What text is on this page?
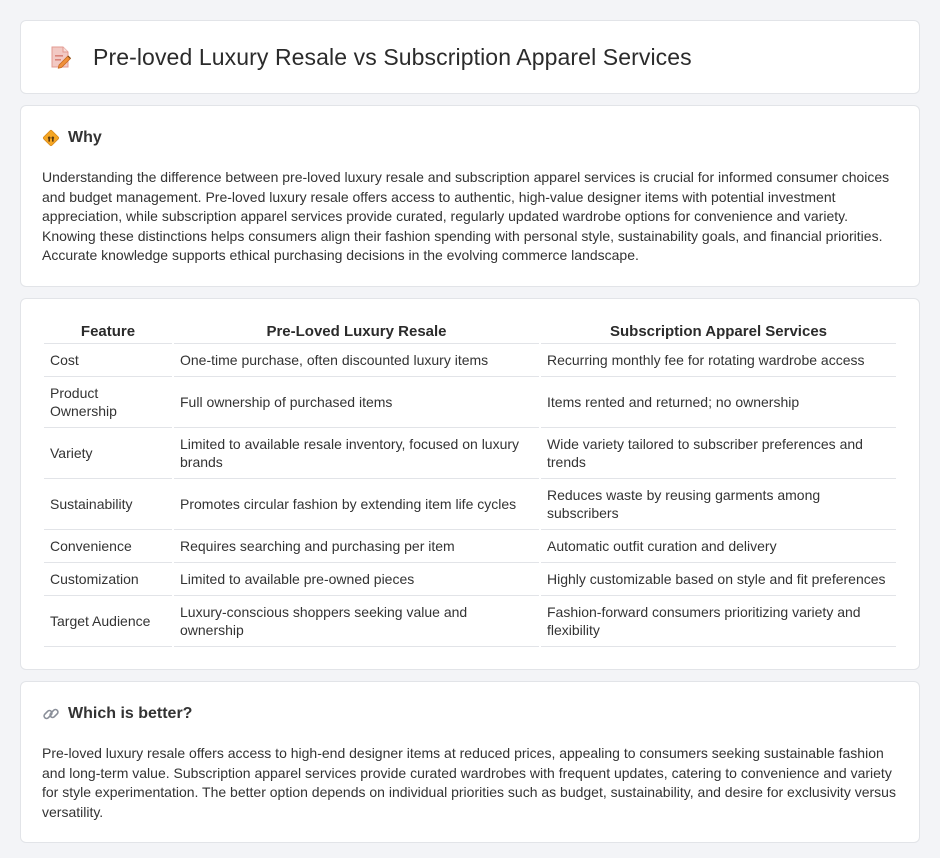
Pre-loved Luxury Resale vs Subscription Apparel Services
Why

Understanding the difference between pre-loved luxury resale and subscription apparel services is crucial for informed consumer choices and budget management. Pre-loved luxury resale offers access to authentic, high-value designer items with potential investment appreciation, while subscription apparel services provide curated, regularly updated wardrobe options for convenience and variety. Knowing these distinctions helps consumers align their fashion spending with personal style, sustainability goals, and financial priorities. Accurate knowledge supports ethical purchasing decisions in the evolving commerce landscape.

Feature	Pre-Loved Luxury Resale	Subscription Apparel Services
Cost	One-time purchase, often discounted luxury items	Recurring monthly fee for rotating wardrobe access
Product Ownership	Full ownership of purchased items	Items rented and returned; no ownership
Variety	Limited to available resale inventory, focused on luxury brands	Wide variety tailored to subscriber preferences and trends
Sustainability	Promotes circular fashion by extending item life cycles	Reduces waste by reusing garments among subscribers
Convenience	Requires searching and purchasing per item	Automatic outfit curation and delivery
Customization	Limited to available pre-owned pieces	Highly customizable based on style and fit preferences
Target Audience	Luxury-conscious shoppers seeking value and ownership	Fashion-forward consumers prioritizing variety and flexibility
Which is better?

Pre-loved luxury resale offers access to high-end designer items at reduced prices, appealing to consumers seeking sustainable fashion and long-term value. Subscription apparel services provide curated wardrobes with frequent updates, catering to convenience and variety for style experimentation. The better option depends on individual priorities such as budget, sustainability, and desire for exclusivity versus versatility.
